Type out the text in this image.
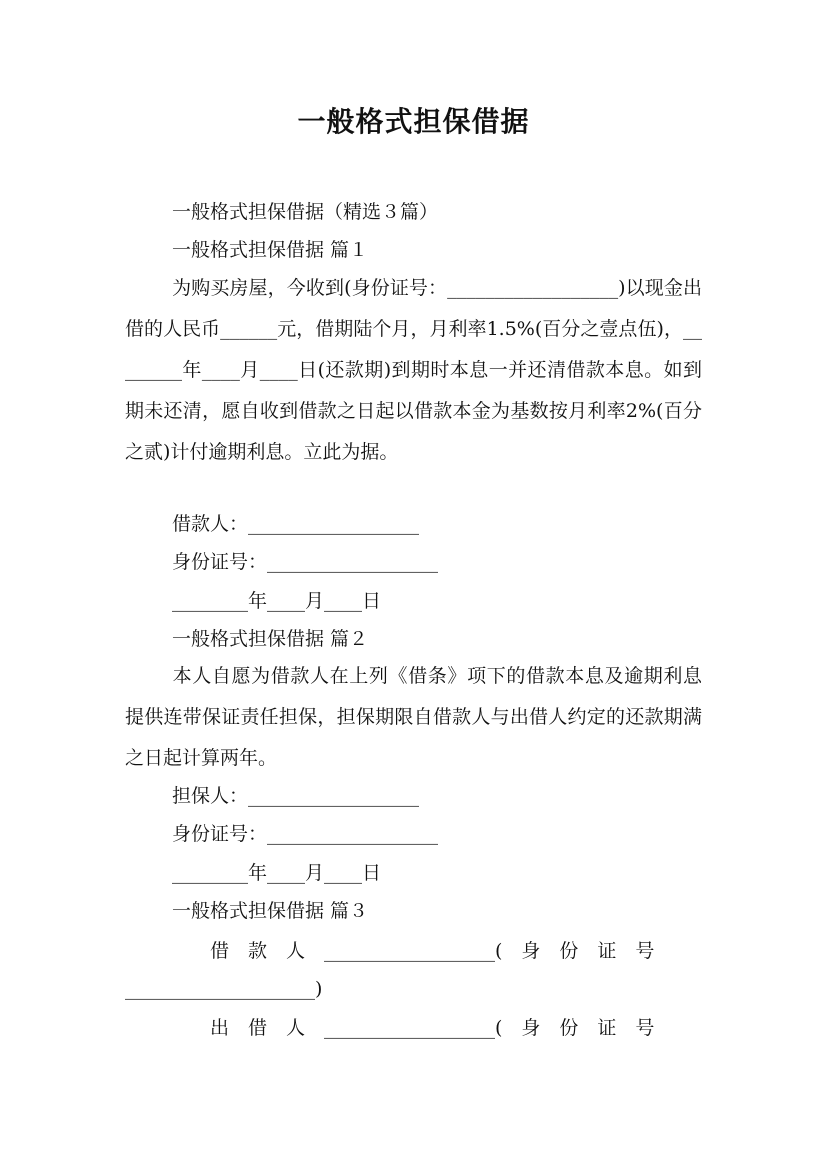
一般格式担保借据
一般格式担保借据（精选３篇）
一般格式担保借据 篇１
为购买房屋，今收到(身份证号：__________________)以现金出借的人民币______元，借期陆个月，月利率1.5%(百分之壹点伍)，________年____月____日(还款期)到期时本息一并还清借款本息。如到期未还清，愿自收到借款之日起以借款本金为基数按月利率2%(百分之贰)计付逾期利息。立此为据。
借款人：__________________
身份证号：__________________
________年____月____日
一般格式担保借据 篇２
本人自愿为借款人在上列《借条》项下的借款本息及逾期利息提供连带保证责任担保，担保期限自借款人与出借人约定的还款期满之日起计算两年。
担保人：__________________
身份证号：__________________
________年____月____日
一般格式担保借据 篇３
借　款　人　__________________(　身　份　证　号
____________________)
出　借　人　__________________(　身　份　证　号
